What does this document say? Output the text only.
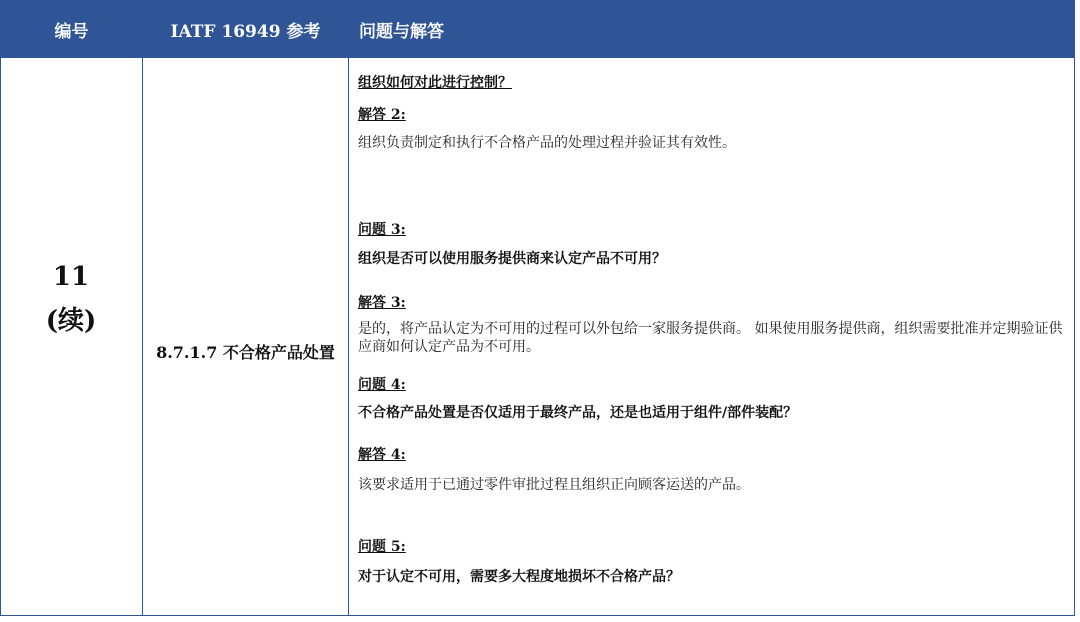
编号	IATF 16949 参考	问题与解答
11
(续)
8.7.1.7 不合格产品处置
组织如何对此进行控制？
解答 2:
组织负责制定和执行不合格产品的处理过程并验证其有效性。
问题 3:
组织是否可以使用服务提供商来认定产品不可用？
解答 3:
是的，将产品认定为不可用的过程可以外包给一家服务提供商。 如果使用服务提供商，组织需要批准并定期验证供应商如何认定产品为不可用。
问题 4:
不合格产品处置是否仅适用于最终产品，还是也适用于组件/部件装配？
解答 4:
该要求适用于已通过零件审批过程且组织正向顾客运送的产品。
问题 5:
对于认定不可用，需要多大程度地损坏不合格产品？
